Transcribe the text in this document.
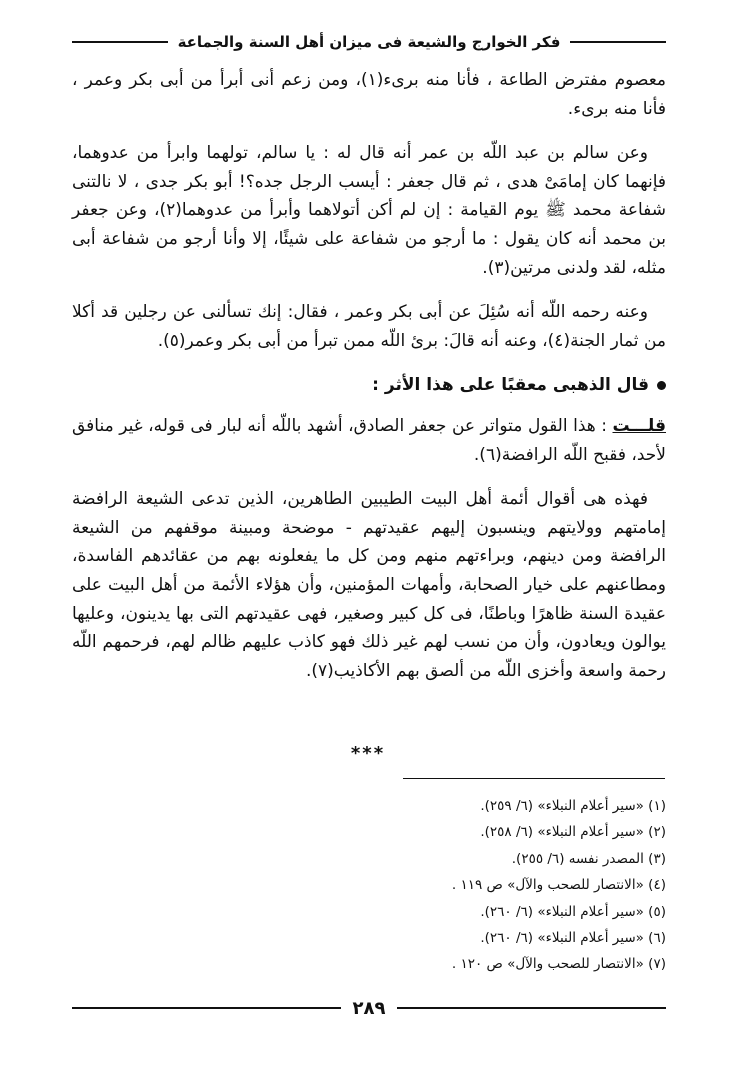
فكر الخوارج والشيعة فى ميزان أهل السنة والجماعة

معصوم مفترض الطاعة ، فأنا منه برىء(١)، ومن زعم أنى أبرأ من أبى بكر وعمر ، فأنا منه برىء.

وعن سالم بن عبد اللّه بن عمر أنه قال له : يا سالم، تولهما وابرأ من عدوهما، فإنهما كان إمامَىْ هدى ، ثم قال جعفر : أيسب الرجل جده؟! أبو بكر جدى ، لا نالتنى شفاعة محمد ﷺ يوم القيامة : إن لم أكن أتولاهما وأبرأ من عدوهما(٢)، وعن جعفر بن محمد أنه كان يقول : ما أرجو من شفاعة على شيئًا، إلا وأنا أرجو من شفاعة أبى مثله، لقد ولدنى مرتين(٣).

وعنه رحمه اللّه أنه سُئِلَ عن أبى بكر وعمر ، فقال: إنك تسألنى عن رجلين قد أكلا من ثمار الجنة(٤)، وعنه أنه قالَ: برئ اللّه ممن تبرأ من أبى بكر وعمر(٥).

قال الذهبى معقبًا على هذا الأثر :

قلـــت : هذا القول متواتر عن جعفر الصادق، أشهد باللّه أنه لبار فى قوله، غير منافق لأحد، فقبح اللّه الرافضة(٦).

فهذه هى أقوال أئمة أهل البيت الطيبين الطاهرين، الذين تدعى الشيعة الرافضة إمامتهم وولايتهم وينسبون إليهم عقيدتهم - موضحة ومبينة موقفهم من الشيعة الرافضة ومن دينهم، وبراءتهم منهم ومن كل ما يفعلونه بهم من عقائدهم الفاسدة، ومطاعنهم على خيار الصحابة، وأمهات المؤمنين، وأن هؤلاء الأئمة من أهل البيت على عقيدة السنة ظاهرًا وباطنًا، فى كل كبير وصغير، فهى عقيدتهم التى بها يدينون، وعليها يوالون ويعادون، وأن من نسب لهم غير ذلك فهو كاذب عليهم ظالم لهم، فرحمهم اللّه رحمة واسعة وأخزى اللّه من ألصق بهم الأكاذيب(٧).

***
(١) «سير أعلام النبلاء» (٦/ ٢٥٩).
(٢) «سير أعلام النبلاء» (٦/ ٢٥٨).
(٣) المصدر نفسه (٦/ ٢٥٥).
(٤) «الانتصار للصحب والآل» ص ١١٩ .
(٥) «سير أعلام النبلاء» (٦/ ٢٦٠).
(٦) «سير أعلام النبلاء» (٦/ ٢٦٠).
(٧) «الانتصار للصحب والآل» ص ١٢٠ .
٢٨٩
